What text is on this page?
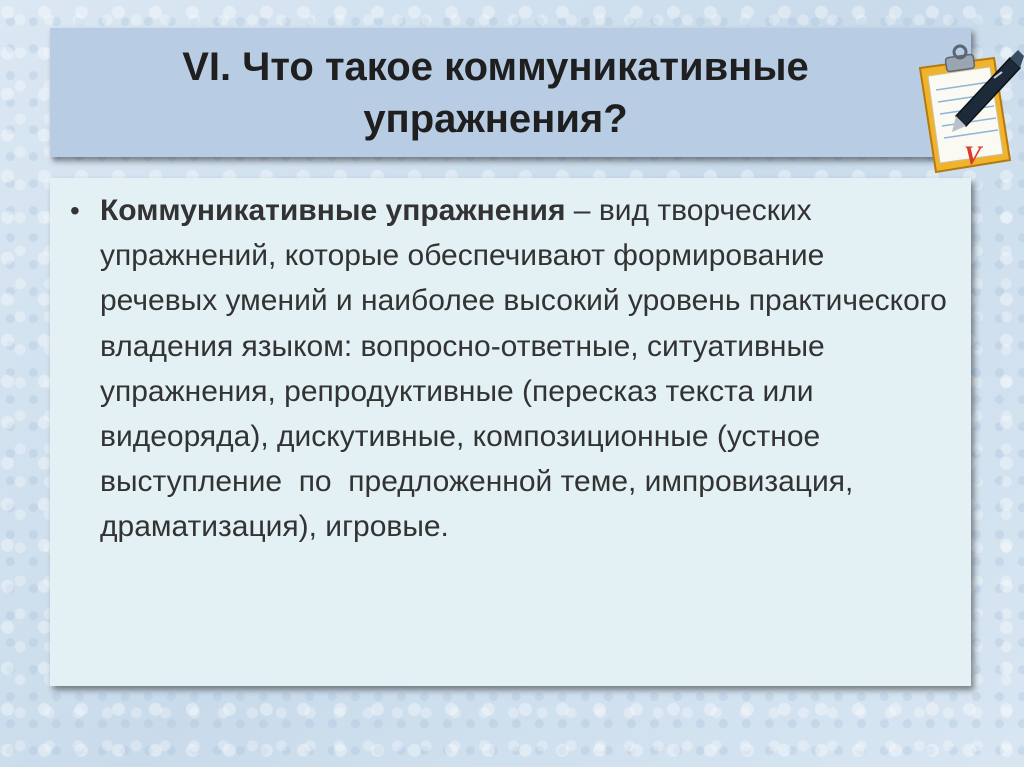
VI. Что такое коммуникативные упражнения?
• Коммуникативные упражнения – вид творческих упражнений, которые обеспечивают формирование речевых умений и наиболее высокий уровень практического владения языком: вопросно-ответные, ситуативные упражнения, репродуктивные (пересказ текста или видеоряда), дискутивные, композиционные (устное выступление  по  предложенной теме, импровизация, драматизация), игровые.

V
